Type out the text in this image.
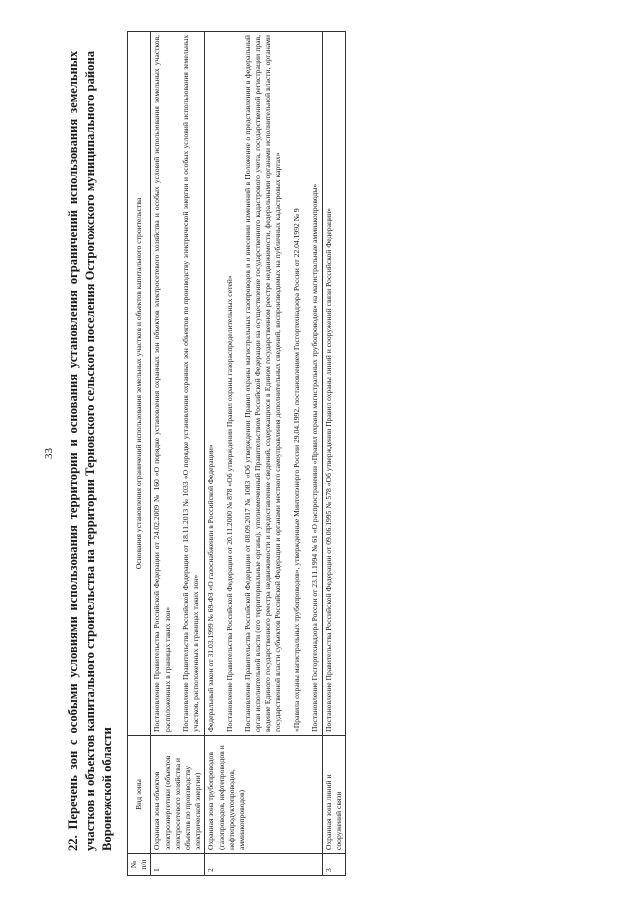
33 22. Перечень зон с особыми условиями использования территории и основания установления ограничений использования земельных участков и объектов капитального строительства на территории Терновского сельского поселения Острогожского муниципального района Воронежской области
№ п/п	Вид зоны	Основания установления ограничений использования земельных участков и объектов капитального строительства
1	Охранная зона объектов электроэнергетики (объектов электросетевого хозяйства и объектов по производству электрической энергии)	Постановление Правительства Российской Федерации от 24.02.2009 № 160 «О порядке установления охранных зон объектов электросетевого хозяйства и особых условий использования земельных участков, расположенных в границах таких зон» Постановление Правительства Российской Федерации от 18.11.2013 № 1033 «О порядке установления охранных зон объектов по производству электрической энергии и особых условий использования земельных участков, расположенных в границах таких зон»

2	Охранная зона трубопроводов (газопроводов, нефтепроводов и нефтепродуктопроводов, аммиакопроводов)	Федеральный закон от 31.03.1999 № 69-ФЗ «О газоснабжении в Российской Федерации» Постановление Правительства Российской Федерации от 20.11.2000 № 878 «Об утверждении Правил охраны газораспределительных сетей» Постановление Правительства Российской Федерации от 08.09.2017 № 1083 «Об утверждении Правил охраны магистральных газопроводов и о внесении изменений в Положение о представлении в федеральный орган исполнительной власти (его территориальные органы), уполномоченный Правительством Российской Федерации на осуществление государственного кадастрового учета, государственной регистрации прав, ведение Единого государственного реестра недвижимости и предоставление сведений, содержащихся в Едином государственном реестре недвижимости, федеральными органами исполнительной власти, органами государственной власти субъектов Российской Федерации и органами местного самоуправления дополнительных сведений, воспроизводимых на публичных кадастровых картах» «Правила охраны магистральных трубопроводов», утвержденные Минтопэнерго России 29.04.1992, постановлением Госгортехнадзора России от 22.04.1992 № 9 Постановление Госгортехнадзора России от 23.11.1994 № 61 «О распространении «Правил охраны магистральных трубопроводов» на магистральные аммиакопроводы»

3	Охранная зона линий и сооружений связи	Постановление Правительства Российской Федерации от 09.06.1995 № 578 «Об утверждении Правил охраны линий и сооружений связи Российской Федерации»
